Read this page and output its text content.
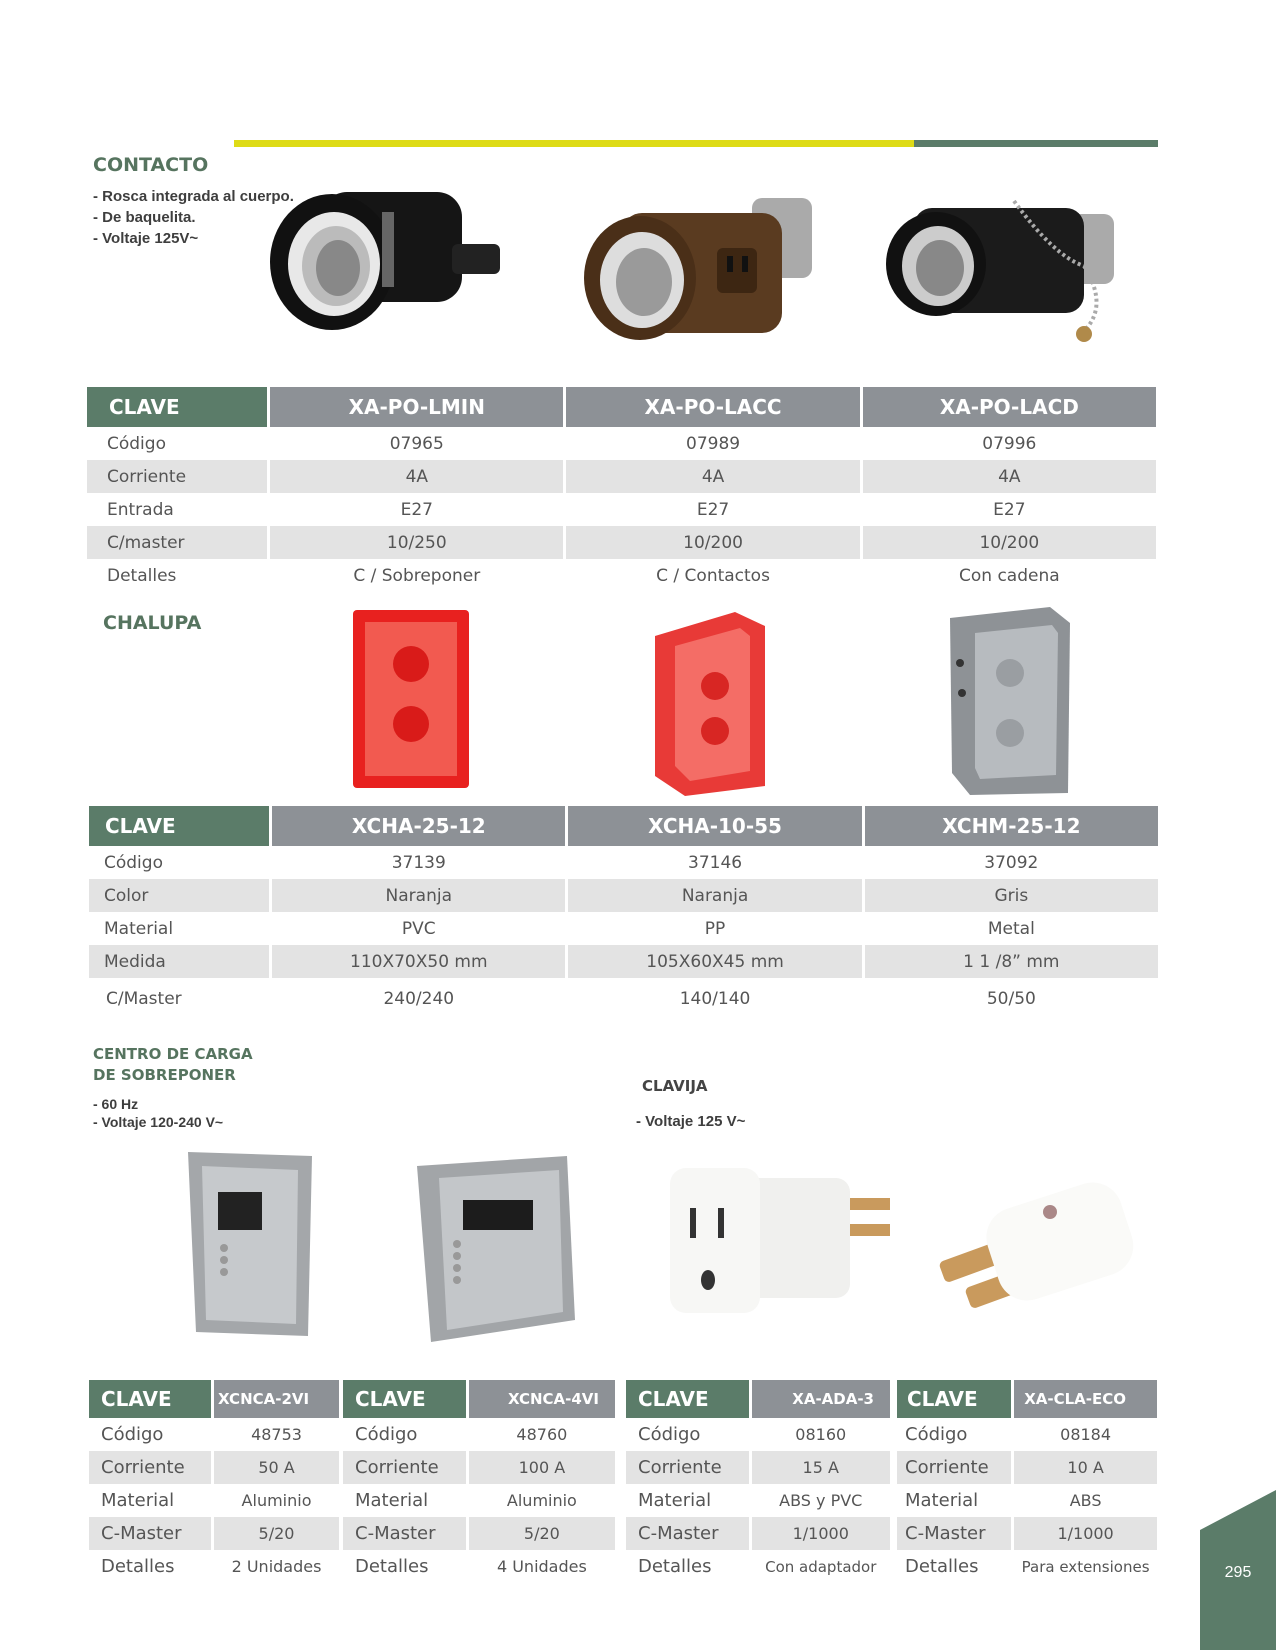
CONTACTO
- Rosca integrada al cuerpo.
- De baquelita.
- Voltaje 125V~
CLAVE	XA-PO-LMIN	XA-PO-LACC	XA-PO-LACD
Código	07965	07989	07996
Corriente	4A	4A	4A
Entrada	E27	E27	E27
C/master	10/250	10/200	10/200
Detalles	C / Sobreponer	C / Contactos	Con cadena
CHALUPA
CLAVE	XCHA-25-12	XCHA-10-55	XCHM-25-12
Código	37139	37146	37092
Color	Naranja	Naranja	Gris
Material	PVC	PP	Metal
Medida	110X70X50 mm	105X60X45 mm	1 1 /8” mm
C/Master	240/240	140/140	50/50
CENTRO DE CARGA
DE SOBREPONER
- 60 Hz
- Voltaje 120-240 V~
CLAVIJA
- Voltaje 125 V~
CLAVE	XCNCA-2VI
Código	48753
Corriente	50 A
Material	Aluminio
C-Master	5/20
Detalles	2 Unidades
CLAVE	XCNCA-4VI
Código	48760
Corriente	100 A
Material	Aluminio
C-Master	5/20
Detalles	4 Unidades
CLAVE	XA-ADA-3
Código	08160
Corriente	15 A
Material	ABS y PVC
C-Master	1/1000
Detalles	Con adaptador
CLAVE	XA-CLA-ECO
Código	08184
Corriente	10 A
Material	ABS
C-Master	1/1000
Detalles	Para extensiones	295
